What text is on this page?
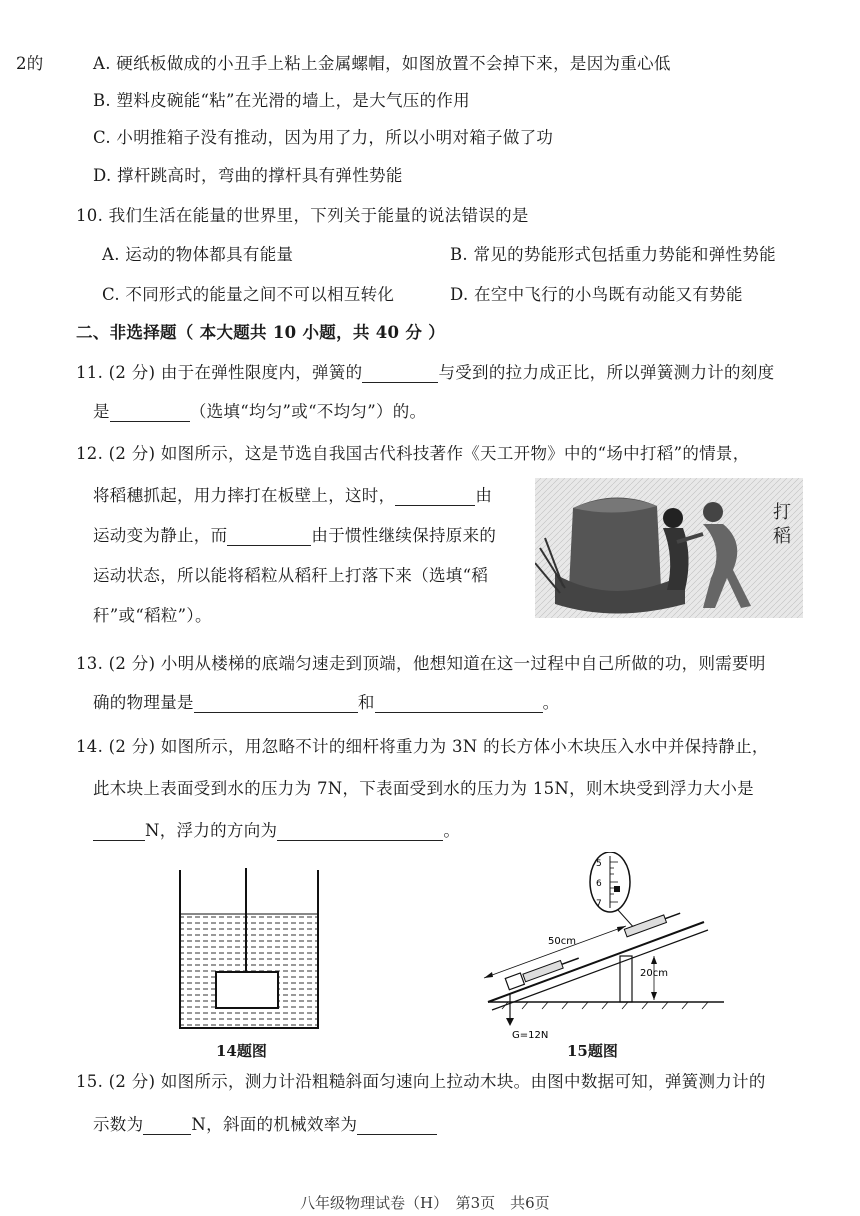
2的	A. 硬纸板做成的小丑手上粘上金属螺帽，如图放置不会掉下来，是因为重心低
B. 塑料皮碗能“粘”在光滑的墙上，是大气压的作用
C. 小明推箱子没有推动，因为用了力，所以小明对箱子做了功
D. 撑杆跳高时，弯曲的撑杆具有弹性势能
10. 我们生活在能量的世界里，下列关于能量的说法错误的是
A. 运动的物体都具有能量	B. 常见的势能形式包括重力势能和弹性势能
C. 不同形式的能量之间不可以相互转化	D. 在空中飞行的小鸟既有动能又有势能
二、非选择题（ 本大题共 10 小题，共 40 分 ）
11. (2 分) 由于在弹性限度内，弹簧的	与受到的拉力成正比，所以弹簧测力计的刻度
是	（选填“均匀”或“不均匀”）的。
12. (2 分) 如图所示，这是节选自我国古代科技著作《天工开物》中的“场中打稻”的情景，
将稻穗抓起，用力摔打在板壁上，这时，	由
运动变为静止，而	由于惯性继续保持原来的
运动状态，所以能将稻粒从稻秆上打落下来（选填“稻
秆”或“稻粒”）。
打
稻
13. (2 分) 小明从楼梯的底端匀速走到顶端，他想知道在这一过程中自己所做的功，则需要明
确的物理量是	和	。
14. (2 分) 如图所示，用忽略不计的细杆将重力为 3N 的长方体小木块压入水中并保持静止，
此木块上表面受到水的压力为 7N，下表面受到水的压力为 15N，则木块受到浮力大小是
N，浮力的方向为	。
14题图
5
6
7
50cm
20cm
G=12N
15题图
15. (2 分) 如图所示，测力计沿粗糙斜面匀速向上拉动木块。由图中数据可知，弹簧测力计的
示数为	N，斜面的机械效率为
八年级物理试卷（H）　第3页　共6页
